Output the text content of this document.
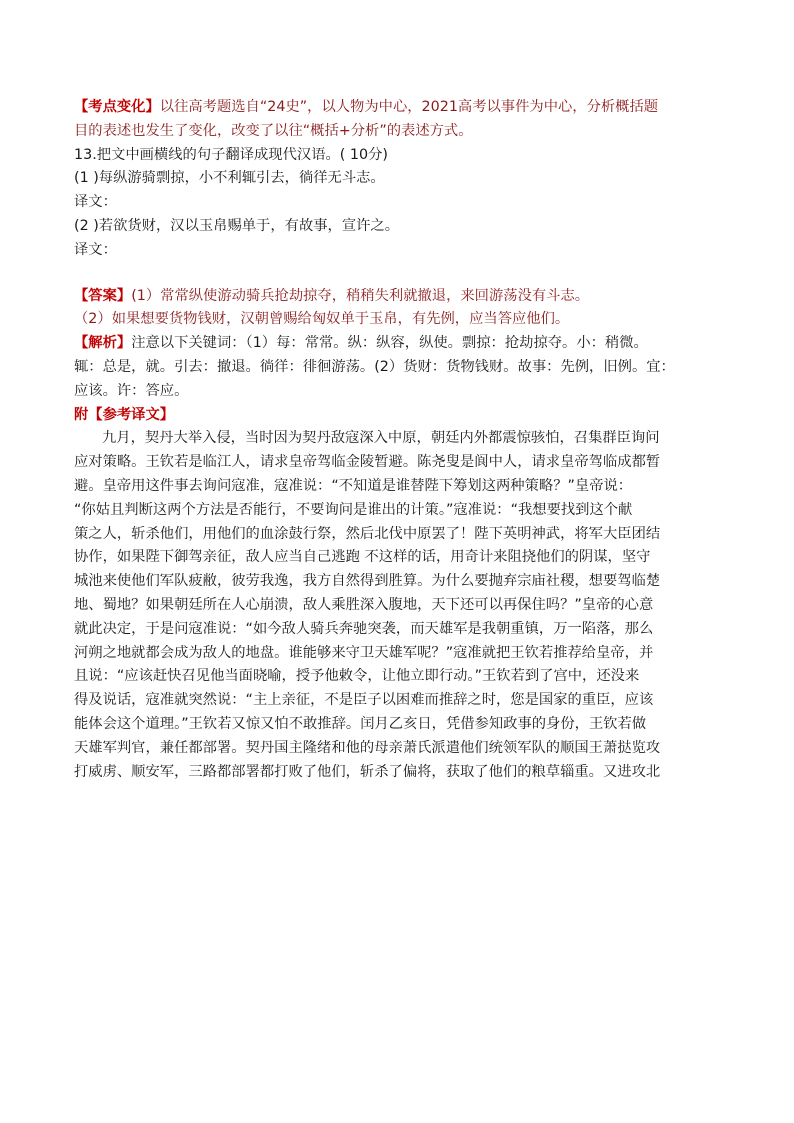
【考点变化】以往高考题选自“24史”，以人物为中心，2021高考以事件为中心，分析概括题

目的表述也发生了变化，改变了以往“概括+分析”的表述方式。

13.把文中画横线的句子翻译成现代汉语。( 10分)

(1 )每纵游骑剽掠，小不利辄引去，徜徉无斗志。

译文：

(2 )若欲货财，汉以玉帛赐单于，有故事，宣许之。

译文：

【答案】(1）常常纵使游动骑兵抢劫掠夺，稍稍失利就撤退，来回游荡没有斗志。

（2）如果想要货物钱财，汉朝曾赐给匈奴单于玉帛，有先例，应当答应他们。

【解析】注意以下关键词：（1）每：常常。纵：纵容，纵使。剽掠：抢劫掠夺。小：稍微。

辄：总是，就。引去：撤退。徜徉：徘徊游荡。(2）货财：货物钱财。故事：先例，旧例。宜：

应该。许：答应。

附【参考译文】

九月，契丹大举入侵，当时因为契丹敌寇深入中原，朝廷内外都震惊骇怕，召集群臣询问

应对策略。王钦若是临江人，请求皇帝驾临金陵暂避。陈尧叟是阆中人，请求皇帝驾临成都暂

避。皇帝用这件事去询问寇准，寇准说：“不知道是谁替陛下筹划这两种策略？”皇帝说：

“你姑且判断这两个方法是否能行，不要询问是谁出的计策。”寇准说：“我想要找到这个献

策之人，斩杀他们，用他们的血涂鼓行祭，然后北伐中原罢了！陛下英明神武，将军大臣团结

协作，如果陛下御驾亲征，敌人应当自己逃跑 不这样的话，用奇计来阻挠他们的阴谋，坚守

城池来使他们军队疲敝，彼劳我逸，我方自然得到胜算。为什么要抛弃宗庙社稷，想要驾临楚

地、蜀地？如果朝廷所在人心崩溃，敌人乘胜深入腹地，天下还可以再保住吗？”皇帝的心意

就此决定，于是问寇准说：“如今敌人骑兵奔驰突袭，而天雄军是我朝重镇，万一陷落，那么

河朔之地就都会成为敌人的地盘。谁能够来守卫天雄军呢？”寇准就把王钦若推荐给皇帝，并

且说：“应该赶快召见他当面晓喻，授予他敕令，让他立即行动。”王钦若到了宫中，还没来

得及说话，寇准就突然说：“主上亲征，不是臣子以困难而推辞之时，您是国家的重臣，应该

能体会这个道理。”王钦若又惊又怕不敢推辞。闰月乙亥日，凭借参知政事的身份，王钦若做

天雄军判官，兼任都部署。契丹国主隆绪和他的母亲萧氏派遣他们统领军队的顺国王萧挞览攻

打威虏、顺安军，三路都部署都打败了他们，斩杀了偏将，获取了他们的粮草辎重。又进攻北
